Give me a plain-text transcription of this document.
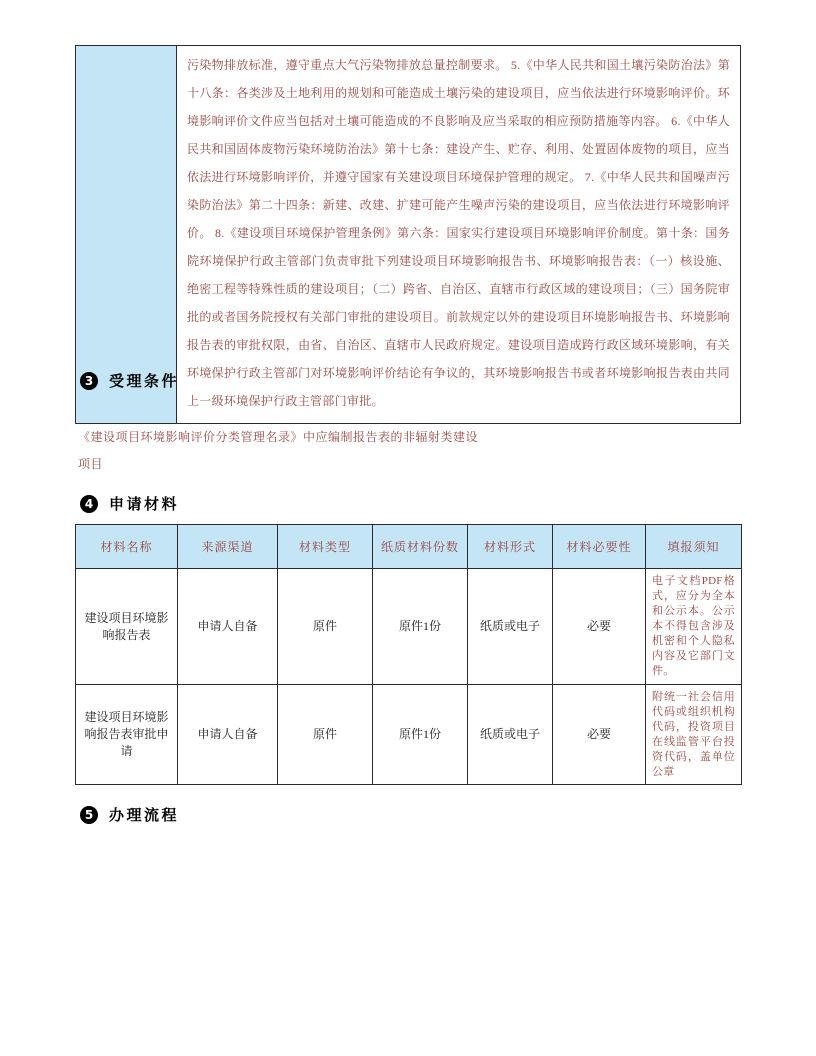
污染物排放标准，遵守重点大气污染物排放总量控制要求。 5.《中华人民共和国土壤污染防治法》第十八条：各类涉及土地利用的规划和可能造成土壤污染的建设项目，应当依法进行环境影响评价。环境影响评价文件应当包括对土壤可能造成的不良影响及应当采取的相应预防措施等内容。 6.《中华人民共和国固体废物污染环境防治法》第十七条：建设产生、贮存、利用、处置固体废物的项目，应当依法进行环境影响评价，并遵守国家有关建设项目环境保护管理的规定。 7.《中华人民共和国噪声污染防治法》第二十四条：新建、改建、扩建可能产生噪声污染的建设项目，应当依法进行环境影响评价。 8.《建设项目环境保护管理条例》第六条：国家实行建设项目环境影响评价制度。第十条：国务院环境保护行政主管部门负责审批下列建设项目环境影响报告书、环境影响报告表：（一）核设施、绝密工程等特殊性质的建设项目；（二）跨省、自治区、直辖市行政区域的建设项目；（三）国务院审批的或者国务院授权有关部门审批的建设项目。前款规定以外的建设项目环境影响报告书、环境影响报告表的审批权限，由省、自治区、直辖市人民政府规定。建设项目造成跨行政区域环境影响，有关环境保护行政主管部门对环境影响评价结论有争议的，其环境影响报告书或者环境影响报告表由共同上一级环境保护行政主管部门审批。
3	受理条件
《建设项目环境影响评价分类管理名录》中应编制报告表的非辐射类建设
项目
4	申请材料
材料名称	来源渠道	材料类型	纸质材料份数	材料形式	材料必要性	填报须知
建设项目环境影响报告表	申请人自备	原件	原件1份	纸质或电子	必要	电子文档PDF格式，应分为全本和公示本。公示本不得包含涉及机密和个人隐私内容及它部门文件。
建设项目环境影响报告表审批申请	申请人自备	原件	原件1份	纸质或电子	必要	附统一社会信用代码或组织机构代码，投资项目在线监管平台投资代码，盖单位公章
5	办理流程
